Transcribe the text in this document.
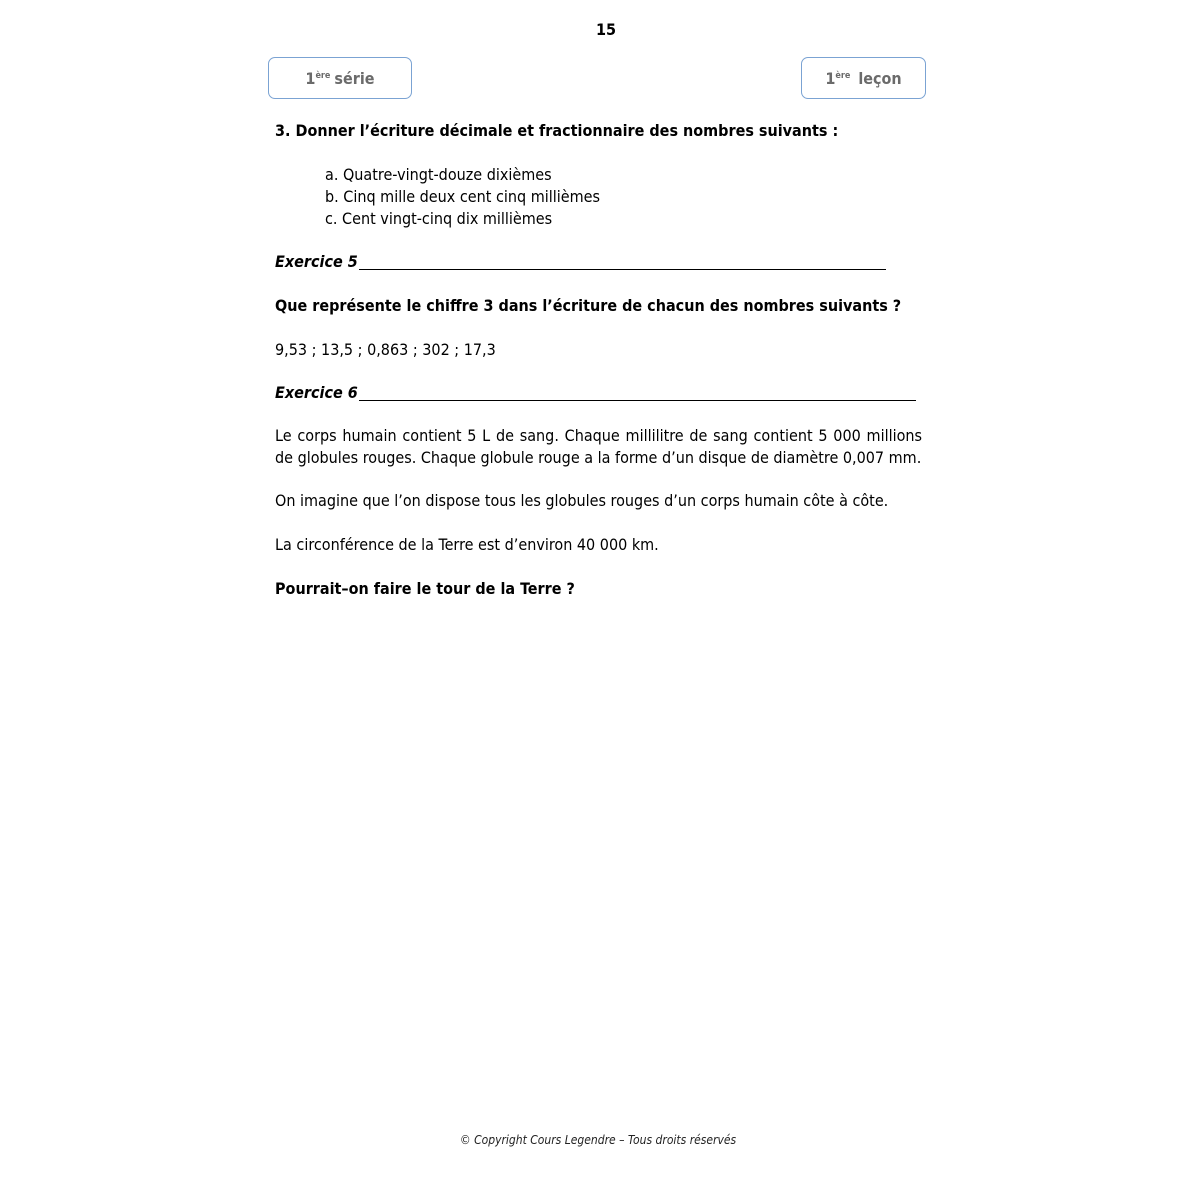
15
1ère série	1ère leçon
3. Donner l’écriture décimale et fractionnaire des nombres suivants :
a. Quatre-vingt-douze dixièmes
b. Cinq mille deux cent cinq millièmes
c. Cent vingt-cinq dix millièmes
Exercice 5
Que représente le chiffre 3 dans l’écriture de chacun des nombres suivants ?
9,53 ; 13,5 ; 0,863 ; 302 ; 17,3
Exercice 6
Le corps humain contient 5 L de sang. Chaque millilitre de sang contient 5 000 millions de globules rouges. Chaque globule rouge a la forme d’un disque de diamètre 0,007 mm.
On imagine que l’on dispose tous les globules rouges d’un corps humain côte à côte.
La circonférence de la Terre est d’environ 40 000 km.
Pourrait–on faire le tour de la Terre ?
© Copyright Cours Legendre – Tous droits réservés
